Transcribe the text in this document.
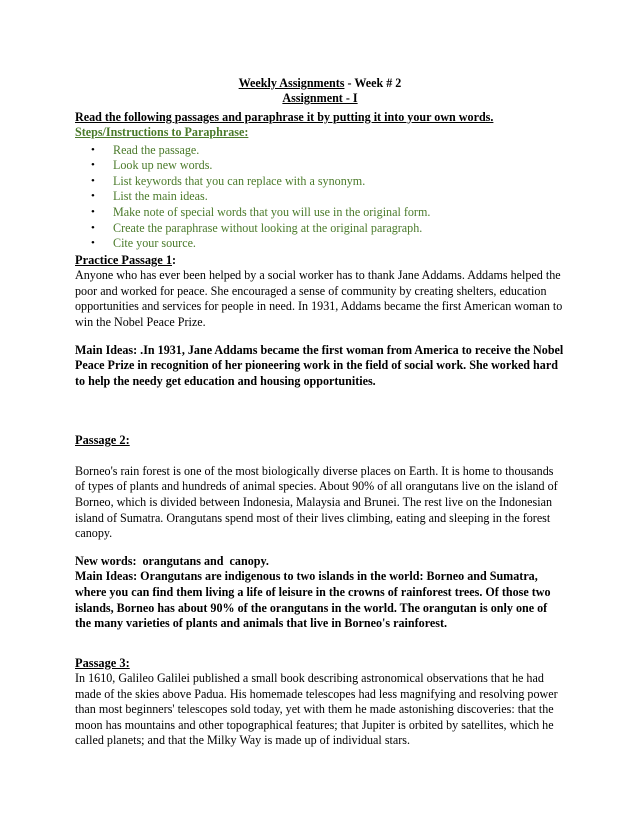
Weekly Assignments - Week # 2

Assignment - I

Read the following passages and paraphrase it by putting it into your own words.

Steps/Instructions to Paraphrase:

• Read the passage.
• Look up new words.
• List keywords that you can replace with a synonym.
• List the main ideas.
• Make note of special words that you will use in the original form.
• Create the paraphrase without looking at the original paragraph.
• Cite your source.

Practice Passage 1:

Anyone who has ever been helped by a social worker has to thank Jane Addams. Addams helped the poor and worked for peace. She encouraged a sense of community by creating shelters, education opportunities and services for people in need. In 1931, Addams became the first American woman to win the Nobel Peace Prize.

Main Ideas: .In 1931, Jane Addams became the first woman from America to receive the Nobel Peace Prize in recognition of her pioneering work in the field of social work. She worked hard to help the needy get education and housing opportunities.

Passage 2:

Borneo's rain forest is one of the most biologically diverse places on Earth. It is home to thousands of types of plants and hundreds of animal species. About 90% of all orangutans live on the island of Borneo, which is divided between Indonesia, Malaysia and Brunei. The rest live on the Indonesian island of Sumatra. Orangutans spend most of their lives climbing, eating and sleeping in the forest canopy.

New words:  orangutans and  canopy.

Main Ideas: Orangutans are indigenous to two islands in the world: Borneo and Sumatra, where you can find them living a life of leisure in the crowns of rainforest trees. Of those two islands, Borneo has about 90% of the orangutans in the world. The orangutan is only one of the many varieties of plants and animals that live in Borneo's rainforest.

Passage 3:

In 1610, Galileo Galilei published a small book describing astronomical observations that he had made of the skies above Padua. His homemade telescopes had less magnifying and resolving power than most beginners' telescopes sold today, yet with them he made astonishing discoveries: that the moon has mountains and other topographical features; that Jupiter is orbited by satellites, which he called planets; and that the Milky Way is made up of individual stars.
